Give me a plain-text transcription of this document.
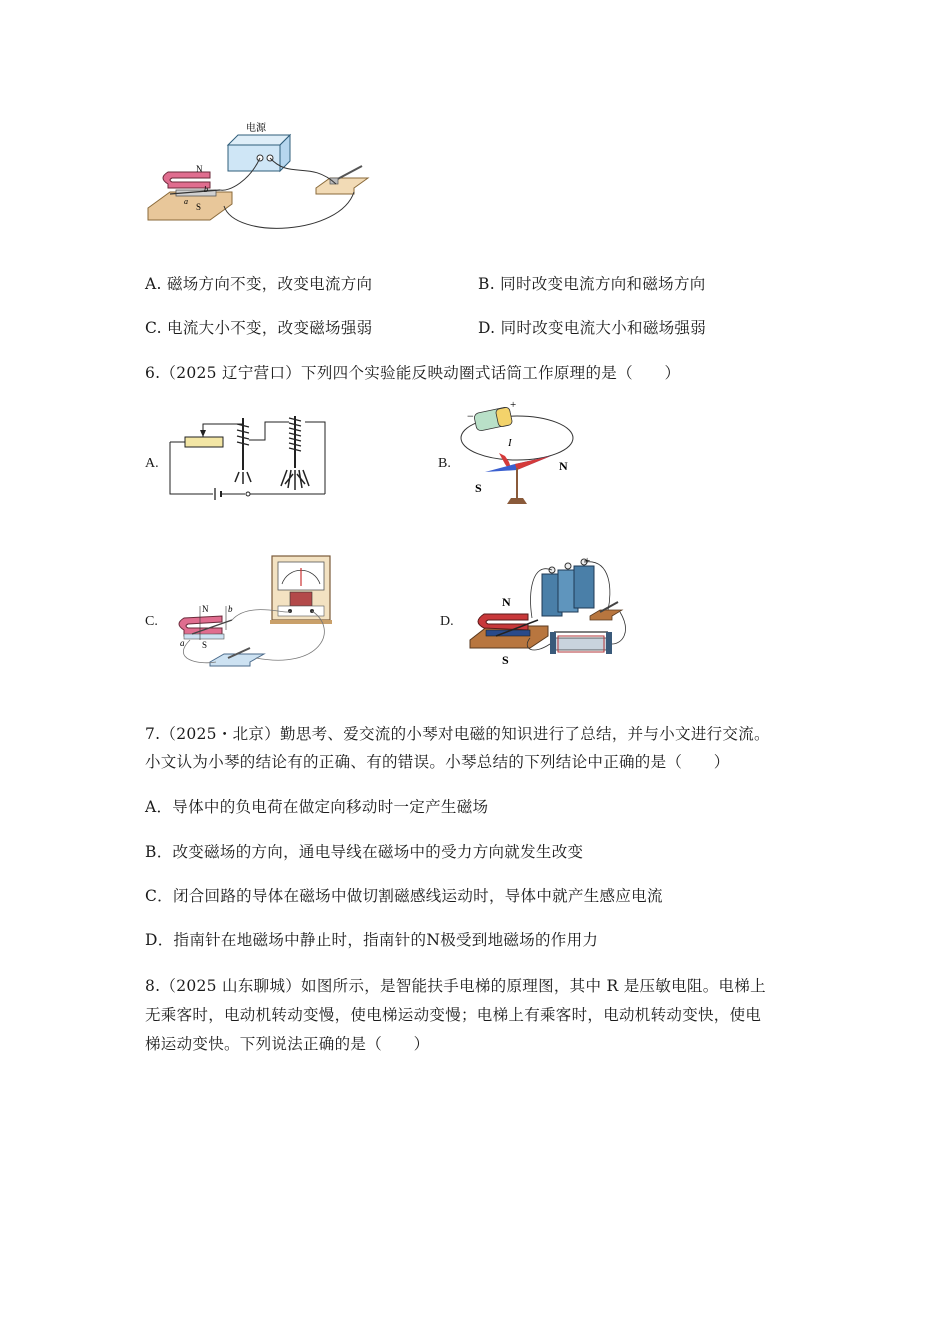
电源
N
S
a
b
A. 磁场方向不变，改变电流方向	B. 同时改变电流方向和磁场方向
C. 电流大小不变，改变磁场强弱	D. 同时改变电流大小和磁场强弱
6.（2025 辽宁营口）下列四个实验能反映动圈式话筒工作原理的是（　　）
A.	B.
−
+
I
N
S
C.
N
S
a
b
D.
N
S
+
7.（2025・北京）勤思考、爱交流的小琴对电磁的知识进行了总结，并与小文进行交流。
小文认为小琴的结论有的正确、有的错误。小琴总结的下列结论中正确的是（　　）
A．导体中的负电荷在做定向移动时一定产生磁场
B．改变磁场的方向，通电导线在磁场中的受力方向就发生改变
C．闭合回路的导体在磁场中做切割磁感线运动时，导体中就产生感应电流
D．指南针在地磁场中静止时，指南针的N极受到地磁场的作用力
8.（2025 山东聊城）如图所示，是智能扶手电梯的原理图，其中 R 是压敏电阻。电梯上
无乘客时，电动机转动变慢，使电梯运动变慢；电梯上有乘客时，电动机转动变快，使电
梯运动变快。下列说法正确的是（　　）
